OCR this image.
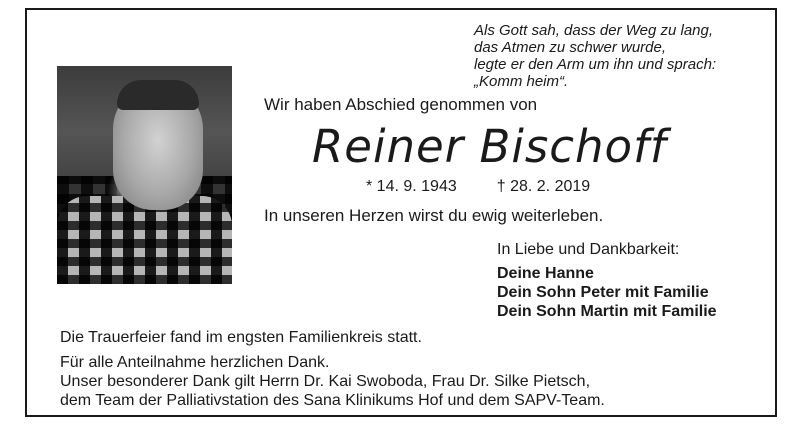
Als Gott sah, dass der Weg zu lang,
das Atmen zu schwer wurde,
legte er den Arm um ihn und sprach:
„Komm heim“.
Wir haben Abschied genommen von
Reiner Bischoff
* 14. 9. 1943	† 28. 2. 2019
In unseren Herzen wirst du ewig weiterleben.
In Liebe und Dankbarkeit:
Deine Hanne
Dein Sohn Peter mit Familie
Dein Sohn Martin mit Familie
Die Trauerfeier fand im engsten Familienkreis statt.
Für alle Anteilnahme herzlichen Dank.
Unser besonderer Dank gilt Herrn Dr. Kai Swoboda, Frau Dr. Silke Pietsch,
dem Team der Palliativstation des Sana Klinikums Hof und dem SAPV-Team.
